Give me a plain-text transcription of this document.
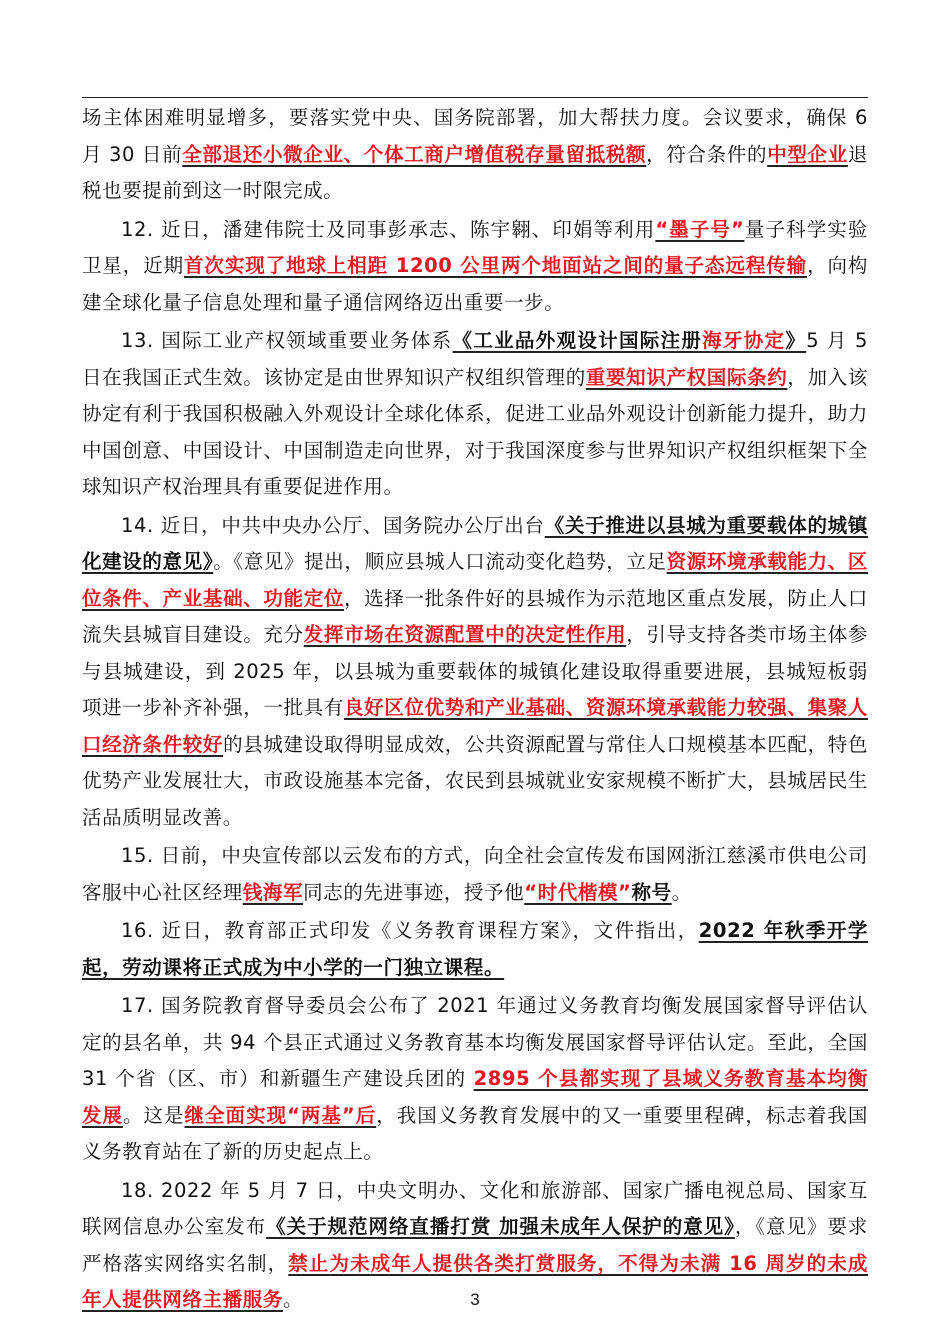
场主体困难明显增多，要落实党中央、国务院部署，加大帮扶力度。会议要求，确保 6 月 30 日前全部退还小微企业、个体工商户增值税存量留抵税额，符合条件的中型企业退税也要提前到这一时限完成。

12. 近日，潘建伟院士及同事彭承志、陈宇翱、印娟等利用“墨子号”量子科学实验卫星，近期首次实现了地球上相距 1200 公里两个地面站之间的量子态远程传输，向构建全球化量子信息处理和量子通信网络迈出重要一步。

13. 国际工业产权领域重要业务体系《工业品外观设计国际注册海牙协定》5 月 5 日在我国正式生效。该协定是由世界知识产权组织管理的重要知识产权国际条约，加入该协定有利于我国积极融入外观设计全球化体系，促进工业品外观设计创新能力提升，助力中国创意、中国设计、中国制造走向世界，对于我国深度参与世界知识产权组织框架下全球知识产权治理具有重要促进作用。

14. 近日，中共中央办公厅、国务院办公厅出台《关于推进以县城为重要载体的城镇化建设的意见》。《意见》提出，顺应县城人口流动变化趋势，立足资源环境承载能力、区位条件、产业基础、功能定位，选择一批条件好的县城作为示范地区重点发展，防止人口流失县城盲目建设。充分发挥市场在资源配置中的决定性作用，引导支持各类市场主体参与县城建设，到 2025 年，以县城为重要载体的城镇化建设取得重要进展，县城短板弱项进一步补齐补强，一批具有良好区位优势和产业基础、资源环境承载能力较强、集聚人口经济条件较好的县城建设取得明显成效，公共资源配置与常住人口规模基本匹配，特色优势产业发展壮大，市政设施基本完备，农民到县城就业安家规模不断扩大，县城居民生活品质明显改善。

15. 日前，中央宣传部以云发布的方式，向全社会宣传发布国网浙江慈溪市供电公司客服中心社区经理钱海军同志的先进事迹，授予他“时代楷模”称号。

16. 近日，教育部正式印发《义务教育课程方案》，文件指出，2022 年秋季开学起，劳动课将正式成为中小学的一门独立课程。

17. 国务院教育督导委员会公布了 2021 年通过义务教育均衡发展国家督导评估认定的县名单，共 94 个县正式通过义务教育基本均衡发展国家督导评估认定。至此，全国 31 个省（区、市）和新疆生产建设兵团的 2895 个县都实现了县域义务教育基本均衡发展。这是继全面实现“两基”后，我国义务教育发展中的又一重要里程碑，标志着我国义务教育站在了新的历史起点上。

18. 2022 年 5 月 7 日，中央文明办、文化和旅游部、国家广播电视总局、国家互联网信息办公室发布《关于规范网络直播打赏 加强未成年人保护的意见》，《意见》要求严格落实网络实名制，禁止为未成年人提供各类打赏服务，不得为未满 16 周岁的未成年人提供网络主播服务。	3
